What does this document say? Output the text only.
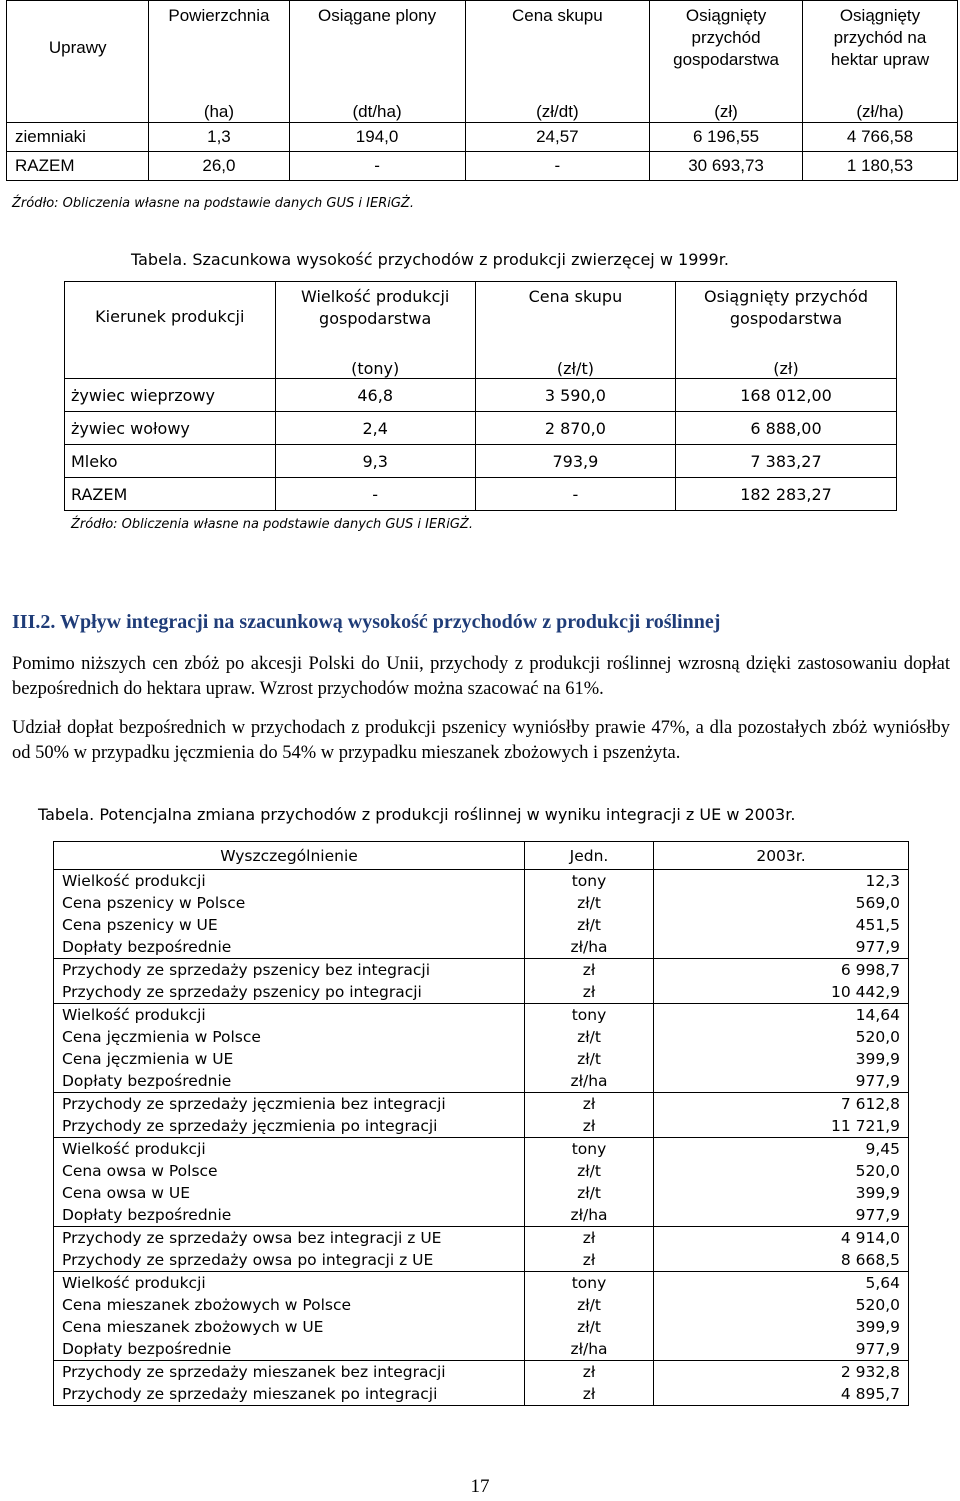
Uprawy	Powierzchnia	Osiągane plony	Cena skupu	Osiągnięty przychód gospodarstwa	Osiągnięty przychód na hektar upraw
	(ha)	(dt/ha)	(zł/dt)	(zł)	(zł/ha)
ziemniaki	1,3	194,0	24,57	6 196,55	4 766,58
RAZEM	26,0	-	-	30 693,73	1 180,53
Źródło: Obliczenia własne na podstawie danych GUS i IERiGŻ.
Tabela. Szacunkowa wysokość przychodów z produkcji zwierzęcej w 1999r.
Kierunek produkcji	Wielkość produkcji gospodarstwa	Cena skupu	Osiągnięty przychód gospodarstwa
	(tony)	(zł/t)	(zł)
żywiec wieprzowy	46,8	3 590,0	168 012,00
żywiec wołowy	2,4	2 870,0	6 888,00
Mleko	9,3	793,9	7 383,27
RAZEM	-	-	182 283,27
Źródło: Obliczenia własne na podstawie danych GUS i IERiGŻ.
III.2. Wpływ integracji na szacunkową wysokość przychodów z produkcji roślinnej
Pomimo niższych cen zbóż po akcesji Polski do Unii, przychody z produkcji roślinnej wzrosną dzięki zastosowaniu dopłat bezpośrednich do hektara upraw. Wzrost przychodów można szacować na 61%.
Udział dopłat bezpośrednich w przychodach z produkcji pszenicy wyniósłby prawie 47%, a dla pozostałych zbóż wyniósłby od 50% w przypadku jęczmienia do 54% w przypadku mieszanek zbożowych i pszenżyta.
Tabela. Potencjalna zmiana przychodów z produkcji roślinnej w wyniku integracji z UE w 2003r.
Wyszczególnienie	Jedn.	2003r.
Wielkość produkcji	tony	12,3
Cena pszenicy w Polsce	zł/t	569,0
Cena pszenicy w UE	zł/t	451,5
Dopłaty bezpośrednie	zł/ha	977,9
Przychody ze sprzedaży pszenicy bez integracji	zł	6 998,7
Przychody ze sprzedaży pszenicy po integracji	zł	10 442,9
Wielkość produkcji	tony	14,64
Cena jęczmienia w Polsce	zł/t	520,0
Cena jęczmienia w UE	zł/t	399,9
Dopłaty bezpośrednie	zł/ha	977,9
Przychody ze sprzedaży jęczmienia bez integracji	zł	7 612,8
Przychody ze sprzedaży jęczmienia po integracji	zł	11 721,9
Wielkość produkcji	tony	9,45
Cena owsa w Polsce	zł/t	520,0
Cena owsa w UE	zł/t	399,9
Dopłaty bezpośrednie	zł/ha	977,9
Przychody ze sprzedaży owsa bez integracji z UE	zł	4 914,0
Przychody ze sprzedaży owsa po integracji z UE	zł	8 668,5
Wielkość produkcji	tony	5,64
Cena mieszanek zbożowych w Polsce	zł/t	520,0
Cena mieszanek zbożowych w UE	zł/t	399,9
Dopłaty bezpośrednie	zł/ha	977,9
Przychody ze sprzedaży mieszanek bez integracji	zł	2 932,8
Przychody ze sprzedaży mieszanek po integracji	zł	4 895,7
17
